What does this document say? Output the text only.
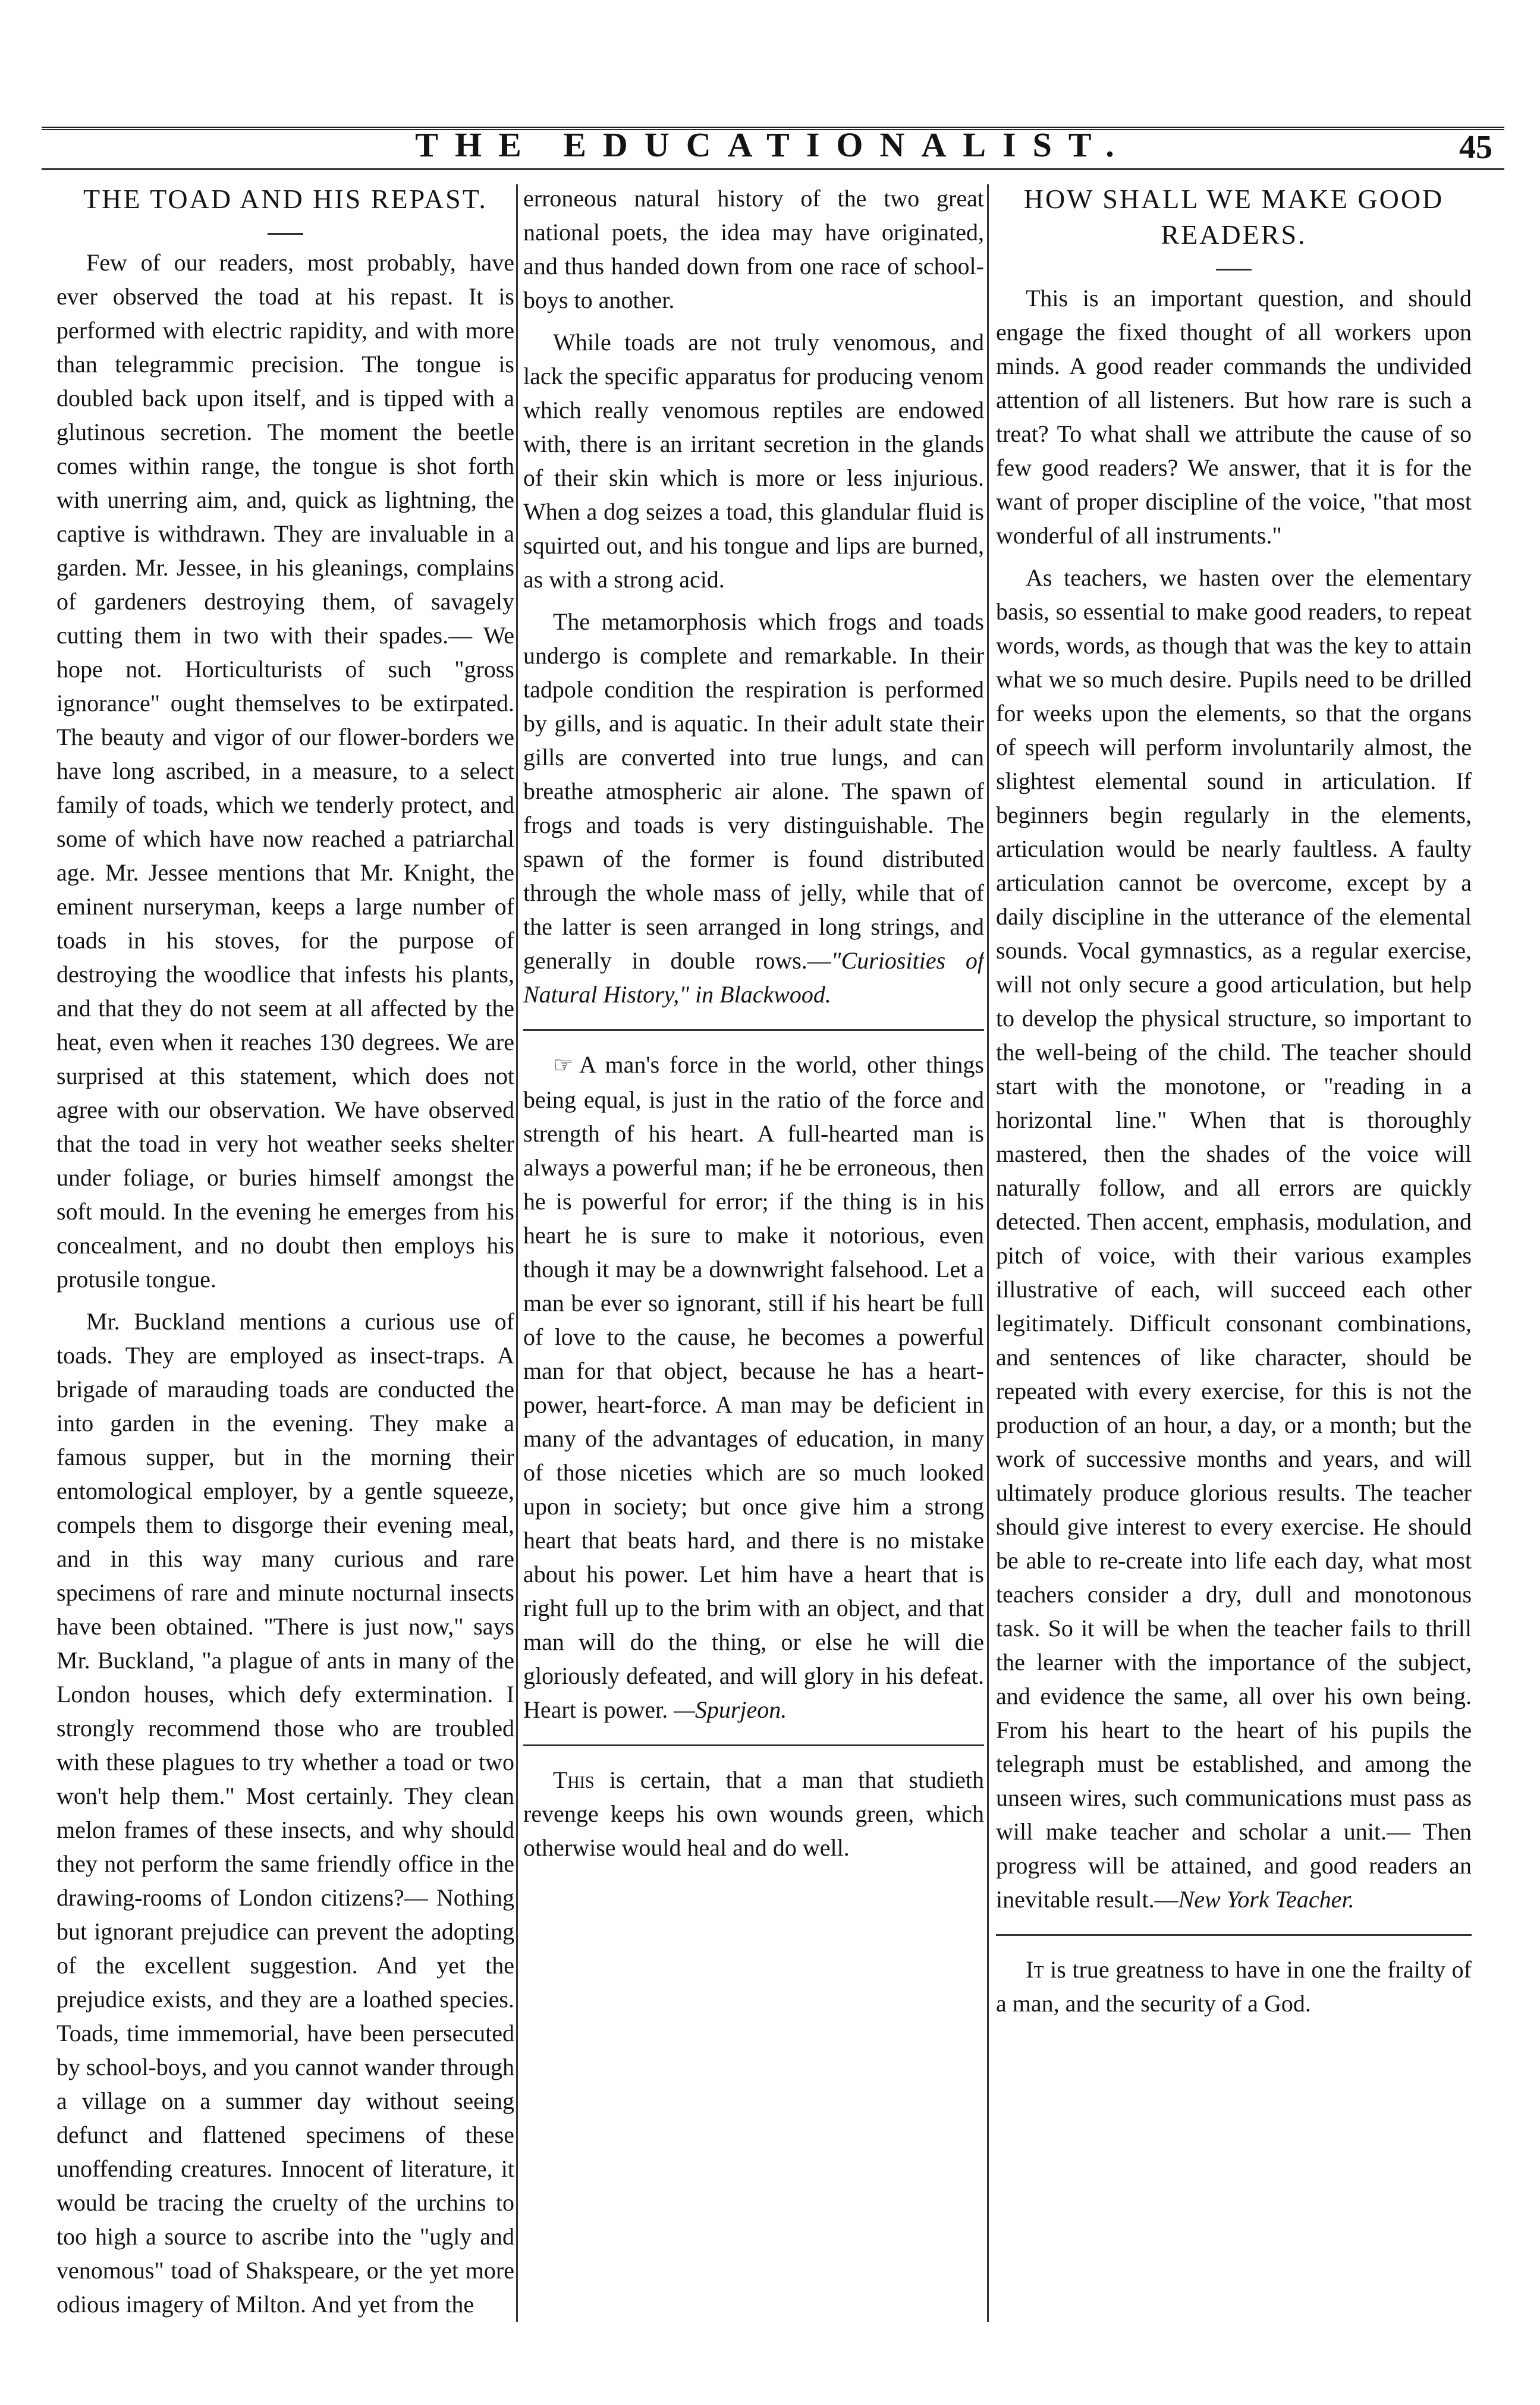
THE EDUCATIONALIST.	45
THE TOAD AND HIS REPAST.

Few of our readers, most probably, have ever observed the toad at his repast. It is performed with electric rapidity, and with more than telegrammic precision. The tongue is doubled back upon itself, and is tipped with a glutinous secretion. The moment the beetle comes within range, the tongue is shot forth with unerring aim, and, quick as lightning, the captive is withdrawn. They are invaluable in a garden. Mr. Jessee, in his gleanings, complains of gardeners destroying them, of savagely cutting them in two with their spades.— We hope not. Horticulturists of such "gross ignorance" ought themselves to be extirpated. The beauty and vigor of our flower-borders we have long ascribed, in a measure, to a select family of toads, which we tenderly protect, and some of which have now reached a patriarchal age. Mr. Jessee mentions that Mr. Knight, the eminent nurseryman, keeps a large number of toads in his stoves, for the purpose of destroying the woodlice that infests his plants, and that they do not seem at all affected by the heat, even when it reaches 130 degrees. We are surprised at this statement, which does not agree with our observation. We have observed that the toad in very hot weather seeks shelter under foliage, or buries himself amongst the soft mould. In the evening he emerges from his concealment, and no doubt then employs his protusile tongue.

Mr. Buckland mentions a curious use of toads. They are employed as insect-traps. A brigade of marauding toads are conducted the into garden in the evening. They make a famous supper, but in the morning their entomological employer, by a gentle squeeze, compels them to disgorge their evening meal, and in this way many curious and rare specimens of rare and minute nocturnal insects have been obtained. "There is just now," says Mr. Buckland, "a plague of ants in many of the London houses, which defy extermination. I strongly recommend those who are troubled with these plagues to try whether a toad or two won't help them." Most certainly. They clean melon frames of these insects, and why should they not perform the same friendly office in the drawing-rooms of London citizens?— Nothing but ignorant prejudice can prevent the adopting of the excellent suggestion. And yet the prejudice exists, and they are a loathed species. Toads, time immemorial, have been persecuted by school-boys, and you cannot wander through a village on a summer day without seeing defunct and flattened specimens of these unoffending creatures. Innocent of literature, it would be tracing the cruelty of the urchins to too high a source to ascribe into the "ugly and venomous" toad of Shakspeare, or the yet more odious imagery of Milton. And yet from the

erroneous natural history of the two great national poets, the idea may have originated, and thus handed down from one race of school-boys to another.

While toads are not truly venomous, and lack the specific apparatus for producing venom which really venomous reptiles are endowed with, there is an irritant secretion in the glands of their skin which is more or less injurious. When a dog seizes a toad, this glandular fluid is squirted out, and his tongue and lips are burned, as with a strong acid.

The metamorphosis which frogs and toads undergo is complete and remarkable. In their tadpole condition the respiration is performed by gills, and is aquatic. In their adult state their gills are converted into true lungs, and can breathe atmospheric air alone. The spawn of frogs and toads is very distinguishable. The spawn of the former is found distributed through the whole mass of jelly, while that of the latter is seen arranged in long strings, and generally in double rows.—"Curiosities of Natural History," in Blackwood.

☞ A man's force in the world, other things being equal, is just in the ratio of the force and strength of his heart. A full-hearted man is always a powerful man; if he be erroneous, then he is powerful for error; if the thing is in his heart he is sure to make it notorious, even though it may be a downwright falsehood. Let a man be ever so ignorant, still if his heart be full of love to the cause, he becomes a powerful man for that object, because he has a heart-power, heart-force. A man may be deficient in many of the advantages of education, in many of those niceties which are so much looked upon in society; but once give him a strong heart that beats hard, and there is no mistake about his power. Let him have a heart that is right full up to the brim with an object, and that man will do the thing, or else he will die gloriously defeated, and will glory in his defeat. Heart is power. —Spurjeon.

This is certain, that a man that studieth revenge keeps his own wounds green, which otherwise would heal and do well.

HOW SHALL WE MAKE GOOD READERS.

This is an important question, and should engage the fixed thought of all workers upon minds. A good reader commands the undivided attention of all listeners. But how rare is such a treat? To what shall we attribute the cause of so few good readers? We answer, that it is for the want of proper discipline of the voice, "that most wonderful of all instruments."

As teachers, we hasten over the elementary basis, so essential to make good readers, to repeat words, words, as though that was the key to attain what we so much desire. Pupils need to be drilled for weeks upon the elements, so that the organs of speech will perform involuntarily almost, the slightest elemental sound in articulation. If beginners begin regularly in the elements, articulation would be nearly faultless. A faulty articulation cannot be overcome, except by a daily discipline in the utterance of the elemental sounds. Vocal gymnastics, as a regular exercise, will not only secure a good articulation, but help to develop the physical structure, so important to the well-being of the child. The teacher should start with the monotone, or "reading in a horizontal line." When that is thoroughly mastered, then the shades of the voice will naturally follow, and all errors are quickly detected. Then accent, emphasis, modulation, and pitch of voice, with their various examples illustrative of each, will succeed each other legitimately. Difficult consonant combinations, and sentences of like character, should be repeated with every exercise, for this is not the production of an hour, a day, or a month; but the work of successive months and years, and will ultimately produce glorious results. The teacher should give interest to every exercise. He should be able to re-create into life each day, what most teachers consider a dry, dull and monotonous task. So it will be when the teacher fails to thrill the learner with the importance of the subject, and evidence the same, all over his own being. From his heart to the heart of his pupils the telegraph must be established, and among the unseen wires, such communications must pass as will make teacher and scholar a unit.— Then progress will be attained, and good readers an inevitable result.—New York Teacher.

It is true greatness to have in one the frailty of a man, and the security of a God.
